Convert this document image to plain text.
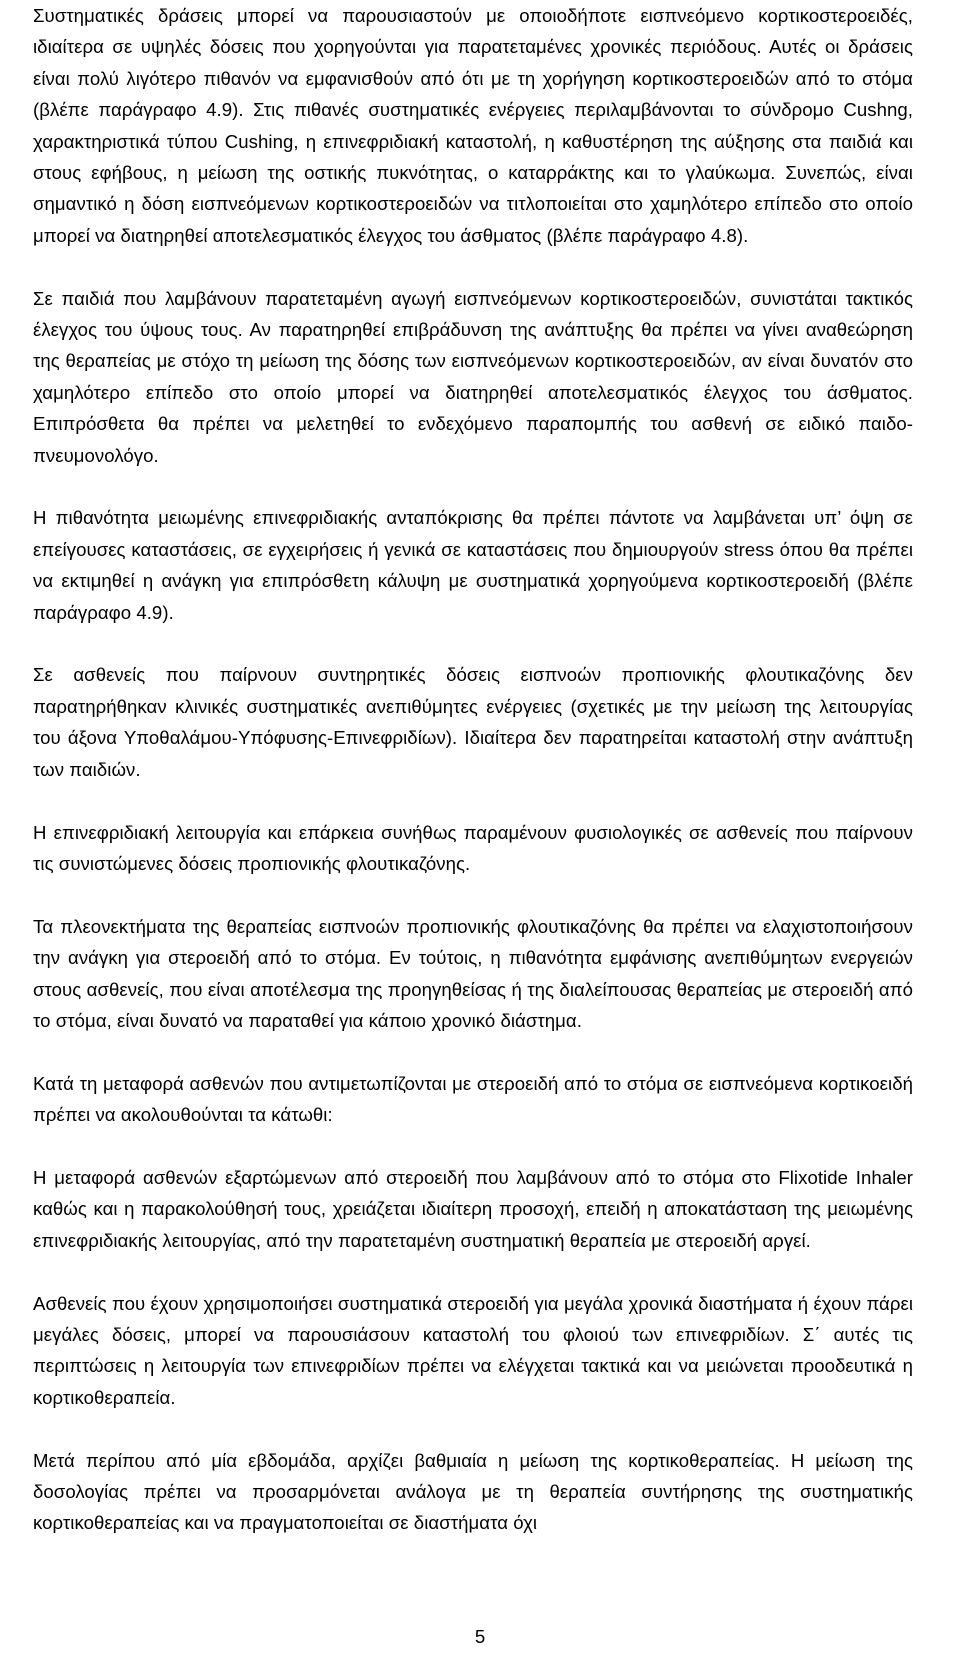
Συστηματικές δράσεις μπορεί να παρουσιαστούν με οποιοδήποτε εισπνεόμενο κορτικοστεροειδές, ιδιαίτερα σε υψηλές δόσεις που χορηγούνται για παρατεταμένες χρονικές περιόδους. Αυτές οι δράσεις είναι πολύ λιγότερο πιθανόν να εμφανισθούν από ότι με τη χορήγηση κορτικοστεροειδών από το στόμα (βλέπε παράγραφο 4.9). Στις πιθανές συστηματικές ενέργειες περιλαμβάνονται το σύνδρομο Cushng, χαρακτηριστικά τύπου Cushing, η επινεφριδιακή καταστολή, η καθυστέρηση της αύξησης στα παιδιά και στους εφήβους, η μείωση της οστικής πυκνότητας, ο καταρράκτης και το γλαύκωμα. Συνεπώς, είναι σημαντικό η δόση εισπνεόμενων κορτικοστεροειδών να τιτλοποιείται στο χαμηλότερο επίπεδο στο οποίο μπορεί να διατηρηθεί αποτελεσματικός έλεγχος του άσθματος (βλέπε παράγραφο 4.8).

Σε παιδιά που λαμβάνουν παρατεταμένη αγωγή εισπνεόμενων κορτικοστεροειδών, συνιστάται τακτικός έλεγχος του ύψους τους. Αν παρατηρηθεί επιβράδυνση της ανάπτυξης θα πρέπει να γίνει αναθεώρηση της θεραπείας με στόχο τη μείωση της δόσης των εισπνεόμενων κορτικοστεροειδών, αν είναι δυνατόν στο χαμηλότερο επίπεδο στο οποίο μπορεί να διατηρηθεί αποτελεσματικός έλεγχος του άσθματος. Επιπρόσθετα θα πρέπει να μελετηθεί το ενδεχόμενο παραπομπής του ασθενή σε ειδικό παιδο-πνευμονολόγο.

Η πιθανότητα μειωμένης επινεφριδιακής ανταπόκρισης θα πρέπει πάντοτε να λαμβάνεται υπ’ όψη σε επείγουσες καταστάσεις, σε εγχειρήσεις ή γενικά σε καταστάσεις που δημιουργούν stress όπου θα πρέπει να εκτιμηθεί η ανάγκη για επιπρόσθετη κάλυψη με συστηματικά χορηγούμενα κορτικοστεροειδή (βλέπε παράγραφο 4.9).

Σε ασθενείς που παίρνουν συντηρητικές δόσεις εισπνοών προπιονικής φλουτικαζόνης δεν παρατηρήθηκαν κλινικές συστηματικές ανεπιθύμητες ενέργειες (σχετικές με την μείωση της λειτουργίας του άξονα Υποθαλάμου-Υπόφυσης-Επινεφριδίων). Ιδιαίτερα δεν παρατηρείται καταστολή στην ανάπτυξη των παιδιών.

Η επινεφριδιακή λειτουργία και επάρκεια συνήθως παραμένουν φυσιολογικές σε ασθενείς που παίρνουν τις συνιστώμενες δόσεις προπιονικής φλουτικαζόνης.

Τα πλεονεκτήματα της θεραπείας εισπνοών προπιονικής φλουτικαζόνης θα πρέπει να ελαχιστοποιήσουν την ανάγκη για στεροειδή από το στόμα. Εν τούτοις, η πιθανότητα εμφάνισης ανεπιθύμητων ενεργειών στους ασθενείς, που είναι αποτέλεσμα της προηγηθείσας ή της διαλείπουσας θεραπείας με στεροειδή από το στόμα, είναι δυνατό να παραταθεί για κάποιο χρονικό διάστημα.

Κατά τη μεταφορά ασθενών που αντιμετωπίζονται με στεροειδή από το στόμα σε εισπνεόμενα κορτικοειδή πρέπει να ακολουθούνται τα κάτωθι:

Η μεταφορά ασθενών εξαρτώμενων από στεροειδή που λαμβάνουν από το στόμα στο Flixotide Inhaler καθώς και η παρακολούθησή τους, χρειάζεται ιδιαίτερη προσοχή, επειδή η αποκατάσταση της μειωμένης επινεφριδιακής λειτουργίας, από την παρατεταμένη συστηματική θεραπεία με στεροειδή αργεί.

Ασθενείς που έχουν χρησιμοποιήσει συστηματικά στεροειδή για μεγάλα χρονικά διαστήματα ή έχουν πάρει μεγάλες δόσεις, μπορεί να παρουσιάσουν καταστολή του φλοιού των επινεφριδίων. Σ΄ αυτές τις περιπτώσεις η λειτουργία των επινεφριδίων πρέπει να ελέγχεται τακτικά και να μειώνεται προοδευτικά η κορτικοθεραπεία.

Μετά περίπου από μία εβδομάδα, αρχίζει βαθμιαία η μείωση της κορτικοθεραπείας. Η μείωση της δοσολογίας πρέπει να προσαρμόνεται ανάλογα με τη θεραπεία συντήρησης της συστηματικής κορτικοθεραπείας και να πραγματοποιείται σε διαστήματα όχι

5
